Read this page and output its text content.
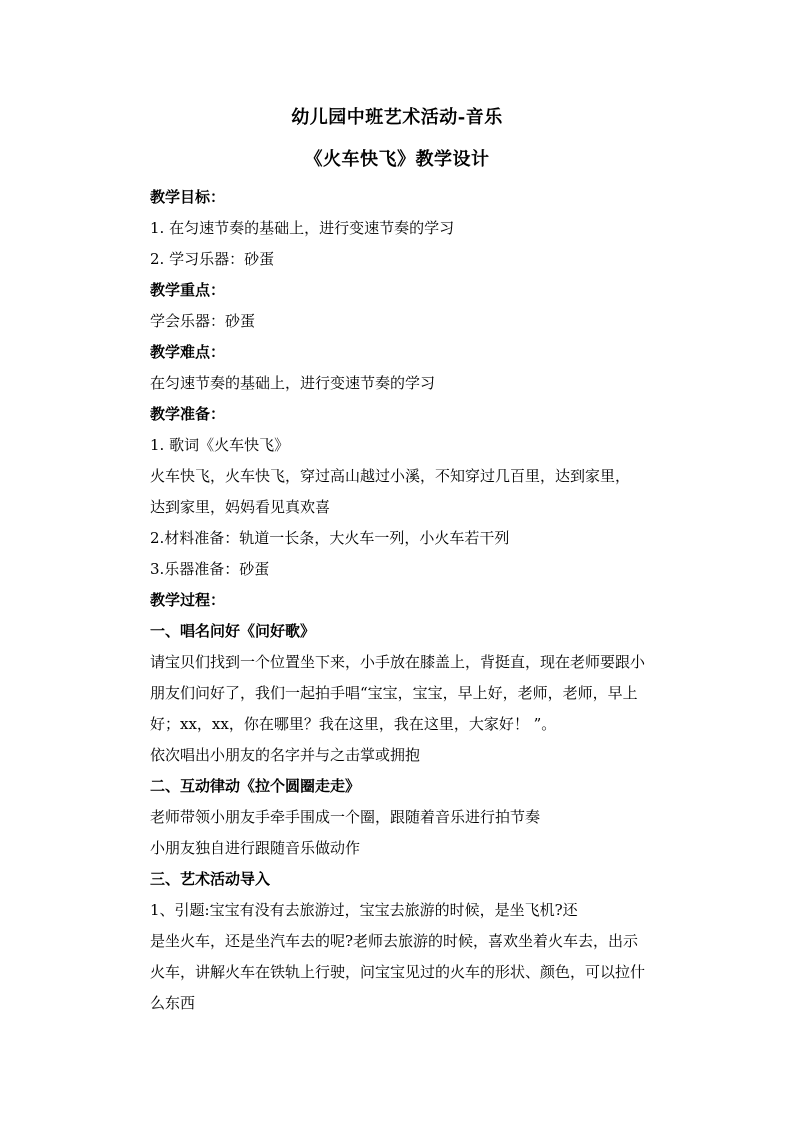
幼儿园中班艺术活动-音乐
《火车快飞》教学设计
教学目标：
1. 在匀速节奏的基础上，进行变速节奏的学习
2. 学习乐器：砂蛋
教学重点：
学会乐器：砂蛋
教学难点：
在匀速节奏的基础上，进行变速节奏的学习
教学准备：
1. 歌词《火车快飞》
火车快飞，火车快飞，穿过高山越过小溪，不知穿过几百里，达到家里，
达到家里，妈妈看见真欢喜
2.材料准备：轨道一长条，大火车一列，小火车若干列
3.乐器准备：砂蛋
教学过程：
一、唱名问好《问好歌》
请宝贝们找到一个位置坐下来，小手放在膝盖上，背挺直，现在老师要跟小
朋友们问好了，我们一起拍手唱“宝宝，宝宝，早上好，老师，老师，早上
好；xx，xx，你在哪里？我在这里，我在这里，大家好！ ”。
依次唱出小朋友的名字并与之击掌或拥抱
二、互动律动《拉个圆圈走走》
老师带领小朋友手牵手围成一个圈，跟随着音乐进行拍节奏
小朋友独自进行跟随音乐做动作
三、艺术活动导入
1、引题:宝宝有没有去旅游过，宝宝去旅游的时候，是坐飞机?还
是坐火车，还是坐汽车去的呢?老师去旅游的时候，喜欢坐着火车去，出示
火车，讲解火车在铁轨上行驶，问宝宝见过的火车的形状、颜色，可以拉什
么东西
